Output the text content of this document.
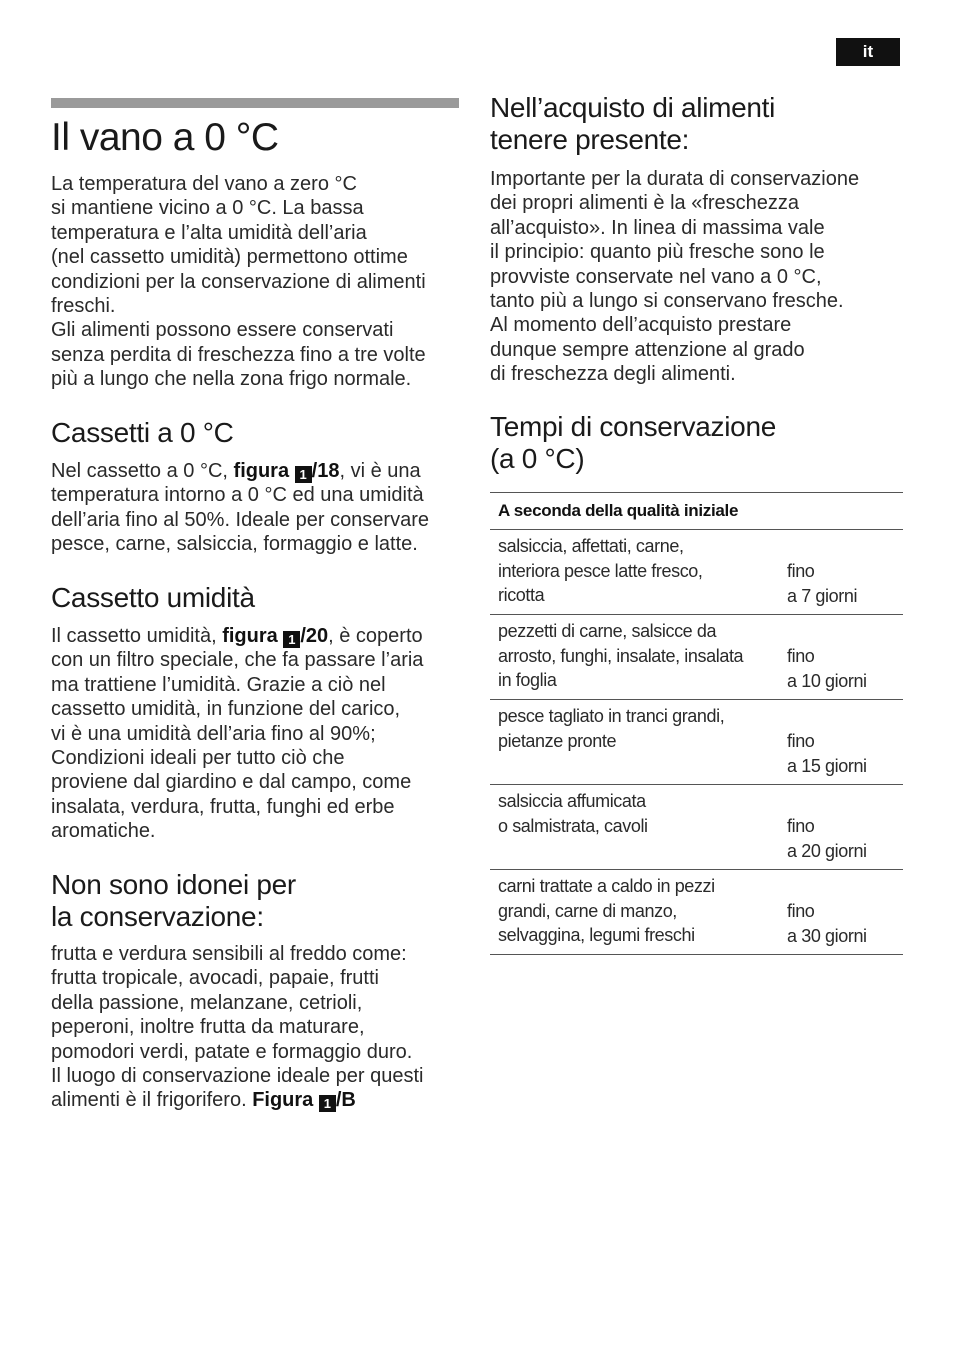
it
Il vano a 0 °C

La temperatura del vano a zero °C
si mantiene vicino a 0 °C. La bassa
temperatura e l’alta umidità dell’aria
(nel cassetto umidità) permettono ottime
condizioni per la conservazione di alimenti
freschi.
Gli alimenti possono essere conservati
senza perdita di freschezza fino a tre volte
più a lungo che nella zona frigo normale.

Cassetti a 0 °C

Nel cassetto a 0 °C, figura 1 /18, vi è una
temperatura intorno a 0 °C ed una umidità
dell’aria fino al 50%. Ideale per conservare
pesce, carne, salsiccia, formaggio e latte.

Cassetto umidità

Il cassetto umidità, figura 1 /20, è coperto
con un filtro speciale, che fa passare l’aria
ma trattiene l’umidità. Grazie a ciò nel
cassetto umidità, in funzione del carico,
vi è una umidità dell’aria fino al 90%;
Condizioni ideali per tutto ciò che
proviene dal giardino e dal campo, come
insalata, verdura, frutta, funghi ed erbe
aromatiche.

Non sono idonei per
la conservazione:

frutta e verdura sensibili al freddo come:
frutta tropicale, avocadi, papaie, frutti
della passione, melanzane, cetrioli,
peperoni, inoltre frutta da maturare,
pomodori verdi, patate e formaggio duro.
Il luogo di conservazione ideale per questi
alimenti è il frigorifero. Figura 1 /B

Nell’acquisto di alimenti
tenere presente:

Importante per la durata di conservazione
dei propri alimenti è la «freschezza
all’acquisto». In linea di massima vale
il principio: quanto più fresche sono le
provviste conservate nel vano a 0 °C,
tanto più a lungo si conservano fresche.
Al momento dell’acquisto prestare
dunque sempre attenzione al grado
di freschezza degli alimenti.

Tempi di conservazione
(a 0 °C)
A seconda della qualità iniziale
salsiccia, affettati, carne,
interiora pesce latte fresco,
ricotta
fino
a 7 giorni
pezzetti di carne, salsicce da
arrosto, funghi, insalate, insalata
in foglia
fino
a 10 giorni
pesce tagliato in tranci grandi,
pietanze pronte	fino
a 15 giorni
salsiccia affumicata
o salmistrata, cavoli	fino
a 20 giorni
carni trattate a caldo in pezzi
grandi, carne di manzo,
selvaggina, legumi freschi
fino
a 30 giorni
